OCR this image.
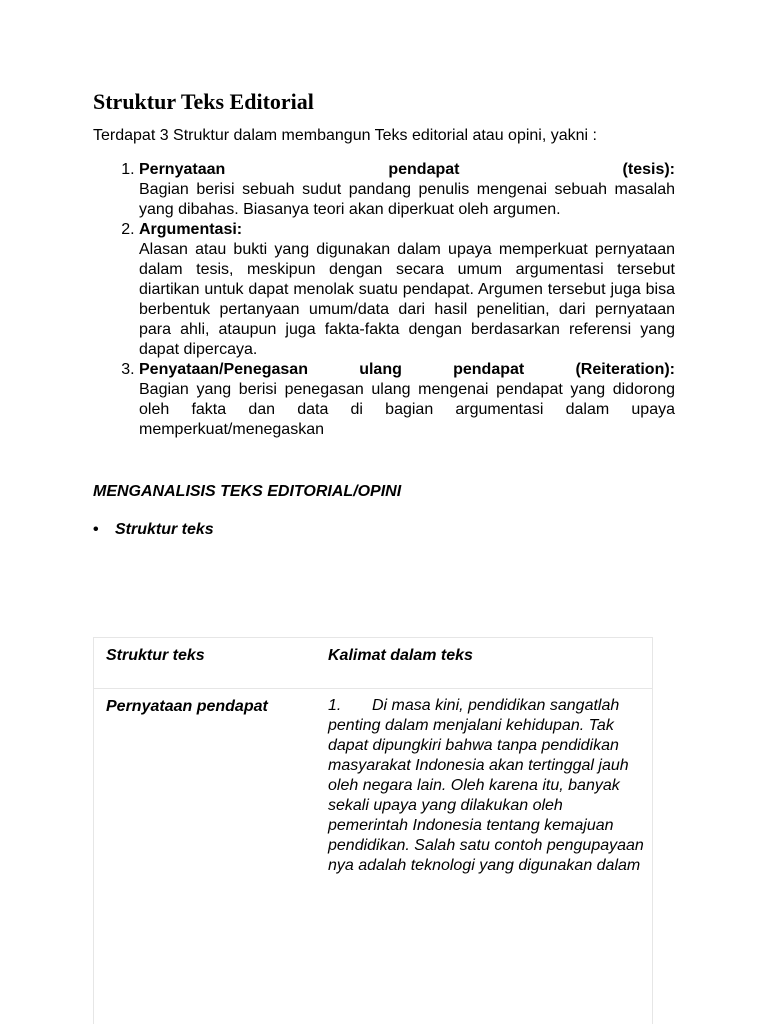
Struktur Teks Editorial

Terdapat 3 Struktur dalam membangun Teks editorial atau opini, yakni :

1. Pernyataan pendapat (tesis):
Bagian berisi sebuah sudut pandang penulis mengenai sebuah masalah yang dibahas. Biasanya teori akan diperkuat oleh argumen.
2. Argumentasi:
Alasan atau bukti yang digunakan dalam upaya memperkuat pernyataan dalam tesis, meskipun dengan secara umum argumentasi tersebut diartikan untuk dapat menolak suatu pendapat. Argumen tersebut juga bisa berbentuk pertanyaan umum/data dari hasil penelitian, dari pernyataan para ahli, ataupun juga fakta-fakta dengan berdasarkan referensi yang dapat dipercaya.
3. Penyataan/Penegasan ulang pendapat (Reiteration):
Bagian yang berisi penegasan ulang mengenai pendapat yang didorong oleh fakta dan data di bagian argumentasi dalam upaya memperkuat/menegaskan
MENGANALISIS TEKS EDITORIAL/OPINI
• Struktur teks
Struktur teks	Kalimat dalam teks
Pernyataan pendapat	1. Di masa kini, pendidikan sangatlah penting dalam menjalani kehidupan. Tak dapat dipungkiri bahwa tanpa pendidikan masyarakat Indonesia akan tertinggal jauh oleh negara lain. Oleh karena itu, banyak sekali upaya yang dilakukan oleh pemerintah Indonesia tentang kemajuan pendidikan. Salah satu contoh pengupayaan nya adalah teknologi yang digunakan dalam
